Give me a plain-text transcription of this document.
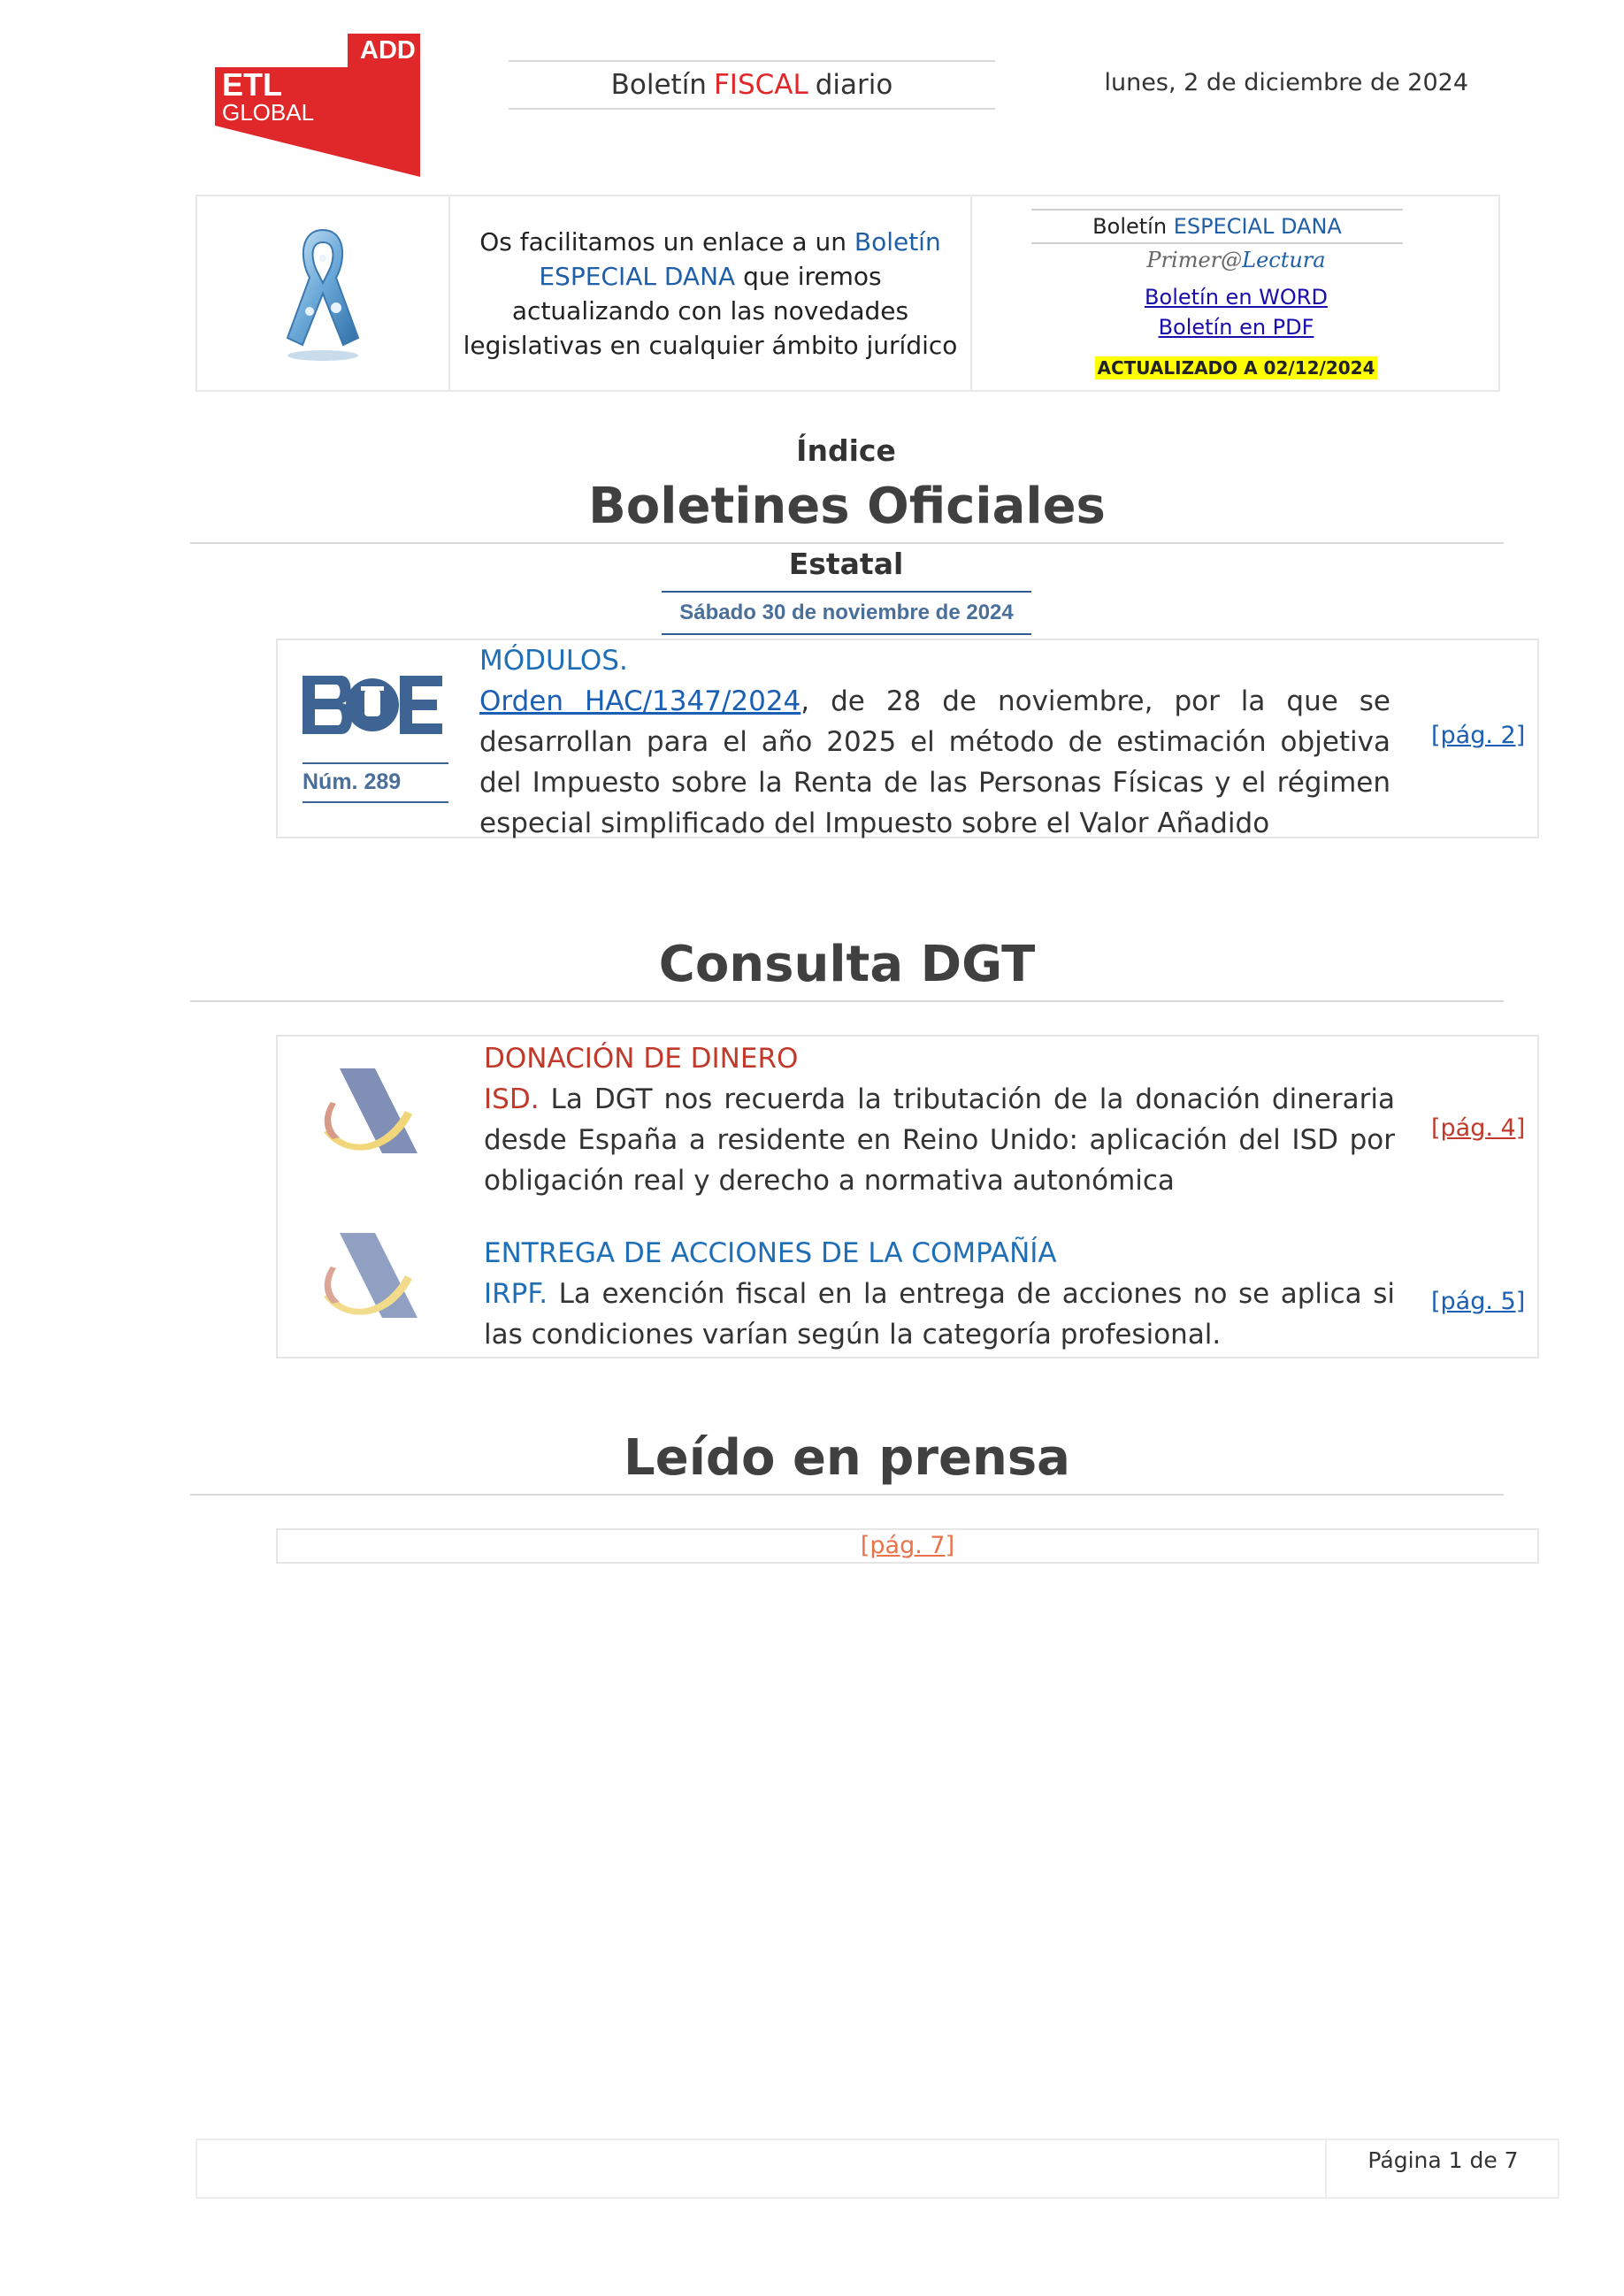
ADD
ETL
GLOBAL
Boletín FISCAL diario	lunes, 2 de diciembre de 2024

Os facilitamos un enlace a un Boletín ESPECIAL DANA que iremos actualizando con las novedades legislativas en cualquier ámbito jurídico

Boletín ESPECIAL DANA
Primer@Lectura
Boletín en WORD
Boletín en PDF
ACTUALIZADO A 02/12/2024
Índice
Boletines Oficiales
Estatal
Sábado 30 de noviembre de 2024
Núm. 289
MÓDULOS.
Orden HAC/1347/2024, de 28 de noviembre, por la que se desarrollan para el año 2025 el método de estimación objetiva del Impuesto sobre la Renta de las Personas Físicas y el régimen especial simplificado del Impuesto sobre el Valor Añadido
[pág. 2]
Consulta DGT
DONACIÓN DE DINERO
ISD. La DGT nos recuerda la tributación de la donación dineraria desde España a residente en Reino Unido: aplicación del ISD por obligación real y derecho a normativa autonómica
[pág. 4]
ENTREGA DE ACCIONES DE LA COMPAÑÍA
IRPF. La exención fiscal en la entrega de acciones no se aplica si las condiciones varían según la categoría profesional.
[pág. 5]
Leído en prensa
[pág. 7]
Página 1 de 7
